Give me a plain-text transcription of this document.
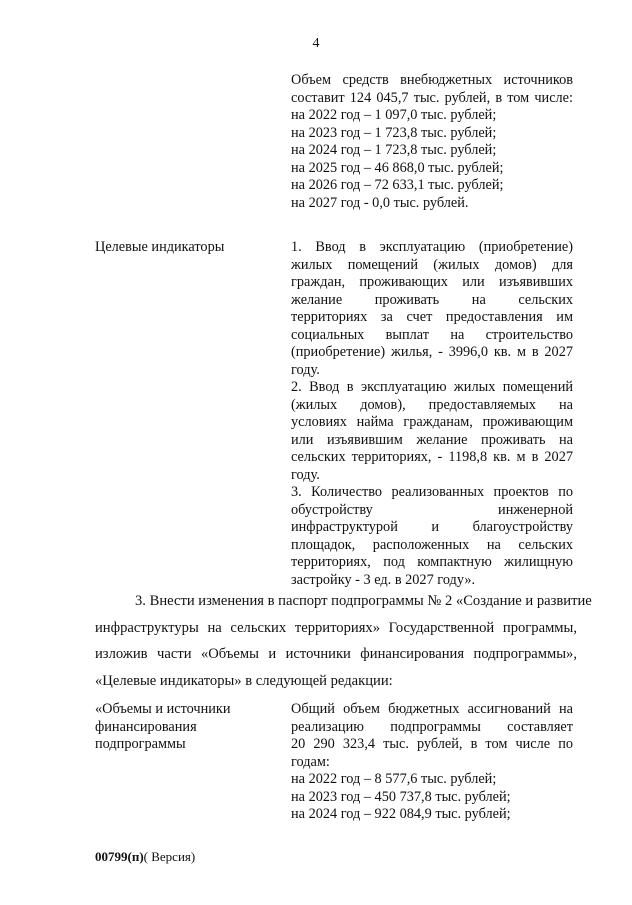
4
Объем средств внебюджетных источников
составит 124 045,7 тыс. рублей, в том числе:
на 2022 год – 1 097,0 тыс. рублей;
на 2023 год – 1 723,8 тыс. рублей;
на 2024 год – 1 723,8 тыс. рублей;
на 2025 год – 46 868,0 тыс. рублей;
на 2026 год – 72 633,1 тыс. рублей;
на 2027 год - 0,0 тыс. рублей.
Целевые индикаторы	1. Ввод в эксплуатацию (приобретение)
жилых помещений (жилых домов) для
граждан, проживающих или изъявивших
желание проживать на сельских
территориях за счет предоставления им
социальных выплат на строительство
(приобретение) жилья, - 3996,0 кв. м в 2027
году.
2. Ввод в эксплуатацию жилых помещений
(жилых домов), предоставляемых на
условиях найма гражданам, проживающим
или изъявившим желание проживать на
сельских территориях, - 1198,8 кв. м в 2027
году.
3. Количество реализованных проектов по
обустройству инженерной
инфраструктурой и благоустройству
площадок, расположенных на сельских
территориях, под компактную жилищную
застройку - 3 ед. в 2027 году».
3. Внести изменения в паспорт подпрограммы № 2 «Создание и развитие
инфраструктуры на сельских территориях» Государственной программы,
изложив части «Объемы и источники финансирования подпрограммы»,
«Целевые индикаторы» в следующей редакции:
«Объемы и источники
финансирования
подпрограммы
Общий объем бюджетных ассигнований на
реализацию подпрограммы составляет
20 290 323,4 тыс. рублей, в том числе по
годам:
на 2022 год – 8 577,6 тыс. рублей;
на 2023 год – 450 737,8 тыс. рублей;
на 2024 год – 922 084,9 тыс. рублей;
00799(п)( Версия)
